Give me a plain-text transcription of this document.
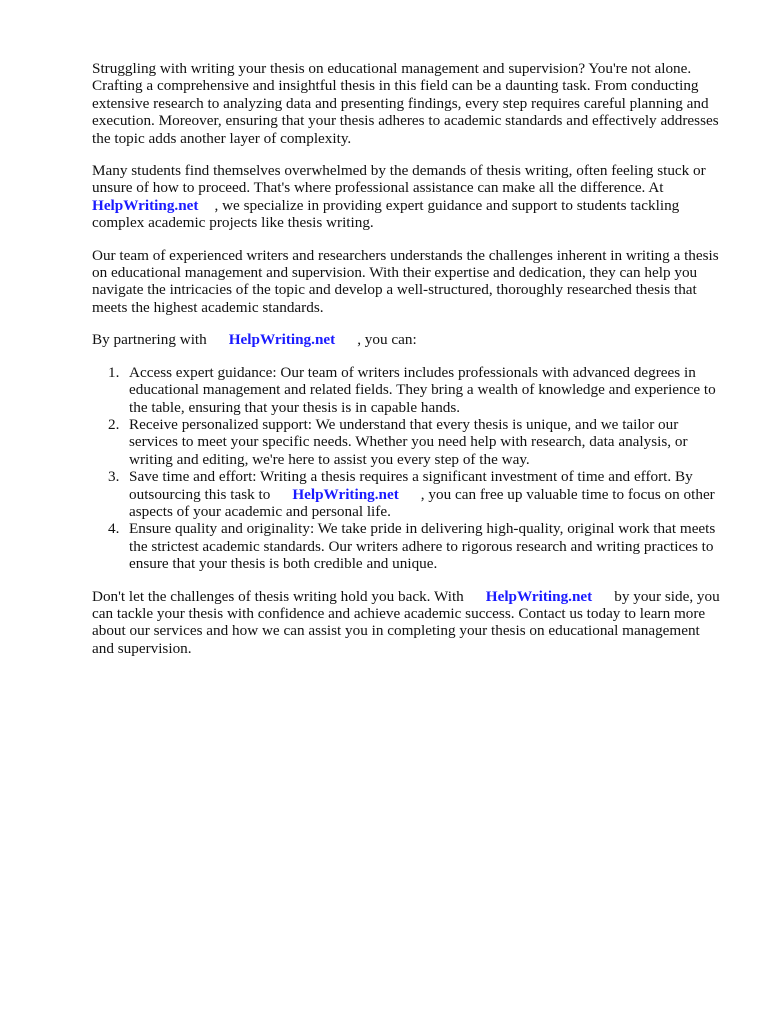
Struggling with writing your thesis on educational management and supervision? You're not alone. Crafting a comprehensive and insightful thesis in this field can be a daunting task. From conducting extensive research to analyzing data and presenting findings, every step requires careful planning and execution. Moreover, ensuring that your thesis adheres to academic standards and effectively addresses the topic adds another layer of complexity.

Many students find themselves overwhelmed by the demands of thesis writing, often feeling stuck or unsure of how to proceed. That's where professional assistance can make all the difference. At
HelpWriting.net , we specialize in providing expert guidance and support to students tackling complex academic projects like thesis writing.

Our team of experienced writers and researchers understands the challenges inherent in writing a thesis on educational management and supervision. With their expertise and dedication, they can help you navigate the intricacies of the topic and develop a well-structured, thoroughly researched thesis that meets the highest academic standards.

By partnering with HelpWriting.net , you can:

1. Access expert guidance: Our team of writers includes professionals with advanced degrees in educational management and related fields. They bring a wealth of knowledge and experience to the table, ensuring that your thesis is in capable hands.
2. Receive personalized support: We understand that every thesis is unique, and we tailor our services to meet your specific needs. Whether you need help with research, data analysis, or writing and editing, we're here to assist you every step of the way.
3. Save time and effort: Writing a thesis requires a significant investment of time and effort. By outsourcing this task to HelpWriting.net , you can free up valuable time to focus on other aspects of your academic and personal life.
4. Ensure quality and originality: We take pride in delivering high-quality, original work that meets the strictest academic standards. Our writers adhere to rigorous research and writing practices to ensure that your thesis is both credible and unique.

Don't let the challenges of thesis writing hold you back. With HelpWriting.net by your side, you can tackle your thesis with confidence and achieve academic success. Contact us today to learn more about our services and how we can assist you in completing your thesis on educational management and supervision.
